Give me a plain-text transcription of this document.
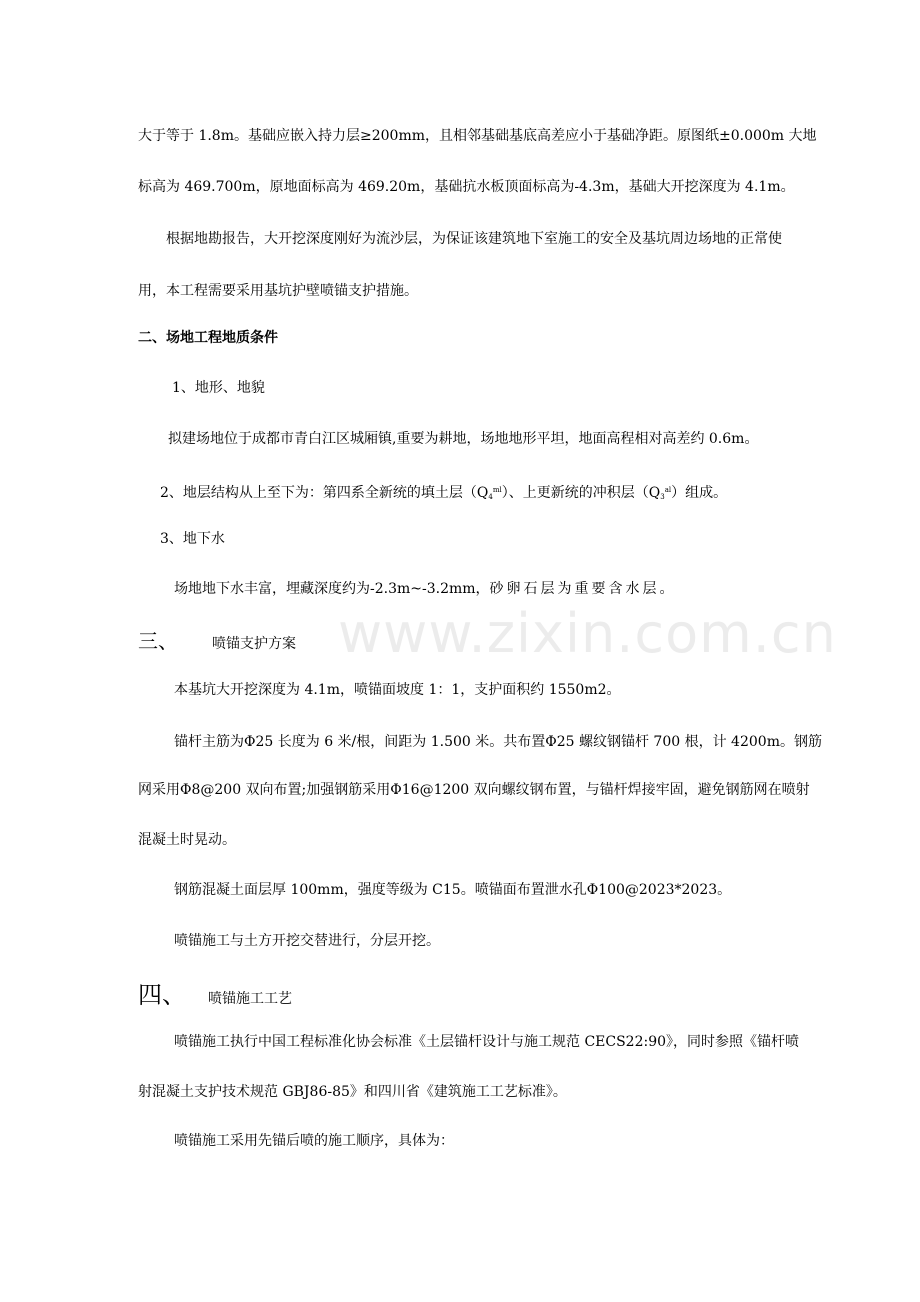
www.zixin.com.cn
大于等于 1.8m。基础应嵌入持力层≥200mm，且相邻基础基底高差应小于基础净距。原图纸±0.000m 大地
标高为 469.700m，原地面标高为 469.20m，基础抗水板顶面标高为-4.3m，基础大开挖深度为 4.1m。
根据地勘报告，大开挖深度刚好为流沙层，为保证该建筑地下室施工的安全及基坑周边场地的正常使
用，本工程需要采用基坑护壁喷锚支护措施。
二、场地工程地质条件
1、地形、地貌
拟建场地位于成都市青白江区城厢镇,重要为耕地，场地地形平坦，地面高程相对高差约 0.6m。
2、地层结构从上至下为：第四系全新统的填土层$(Q_4^{ml})$、上更新统的冲积层$(Q_3^{al})$组成。
3、地下水
场地地下水丰富，埋藏深度约为-2.3m~-3.2mm，砂卵石层为重要含水层。
三、 喷锚支护方案
本基坑大开挖深度为 4.1m，喷锚面坡度 1：1，支护面积约 1550m2。
锚杆主筋为Φ25 长度为 6 米/根，间距为 1.500 米。共布置Φ25 螺纹钢锚杆 700 根，计 4200m。钢筋
网采用Φ8@200 双向布置;加强钢筋采用Φ16@1200 双向螺纹钢布置，与锚杆焊接牢固，避免钢筋网在喷射
混凝土时晃动。
钢筋混凝土面层厚 100mm，强度等级为 C15。喷锚面布置泄水孔Φ100@2023*2023。
喷锚施工与土方开挖交替进行，分层开挖。
四、 喷锚施工工艺
喷锚施工执行中国工程标准化协会标准《土层锚杆设计与施工规范 CECS22:90》，同时参照《锚杆喷
射混凝土支护技术规范 GBJ86-85》和四川省《建筑施工工艺标准》。
喷锚施工采用先锚后喷的施工顺序，具体为：
